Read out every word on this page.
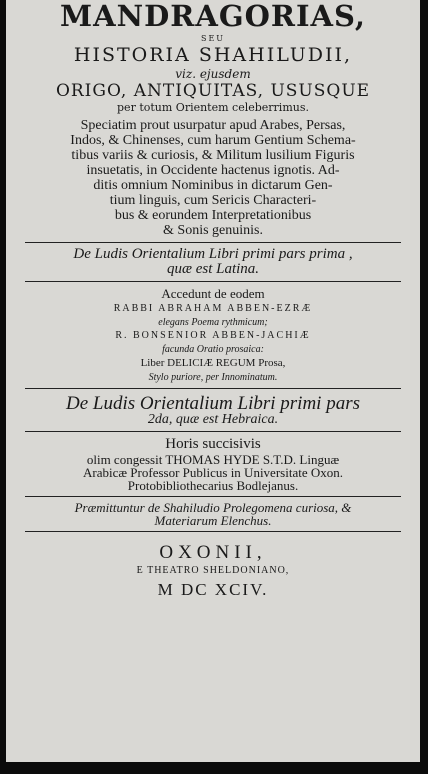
MANDRAGORIAS,
SEU
HISTORIA SHAHILUDII,
viz. ejusdem
ORIGO, ANTIQUITAS, USUSQUE
per totum Orientem celeberrimus.
Speciatim prout usurpatur apud Arabes, Persas,
Indos, & Chinenses, cum harum Gentium Schema-
tibus variis & curiosis, & Militum lusilium Figuris
insuetatis, in Occidente hactenus ignotis. Ad-
ditis omnium Nominibus in dictarum Gen-
tium linguis, cum Sericis Characteri-
bus & eorundem Interpretationibus
& Sonis genuinis.
De Ludis Orientalium Libri primi pars prima ,
quæ est Latina.
Accedunt de eodem
RABBI ABRAHAM ABBEN-EZRÆ
elegans Poema rythmicum;
R. BONSENIOR ABBEN-JACHIÆ
facunda Oratio prosaica:
Liber DELICIÆ REGUM Prosa,
Stylo puriore, per Innominatum.
De Ludis Orientalium Libri primi pars
2da, quæ est Hebraica.
Horis succisivis
olim congessit THOMAS HYDE S.T.D. Linguæ
Arabicæ Professor Publicus in Universitate Oxon.
Protobibliothecarius Bodlejanus.
Præmittuntur de Shahiludio Prolegomena curiosa, &
Materiarum Elenchus.
OXONII,
E THEATRO SHELDONIANO,
M DC XCIV.
